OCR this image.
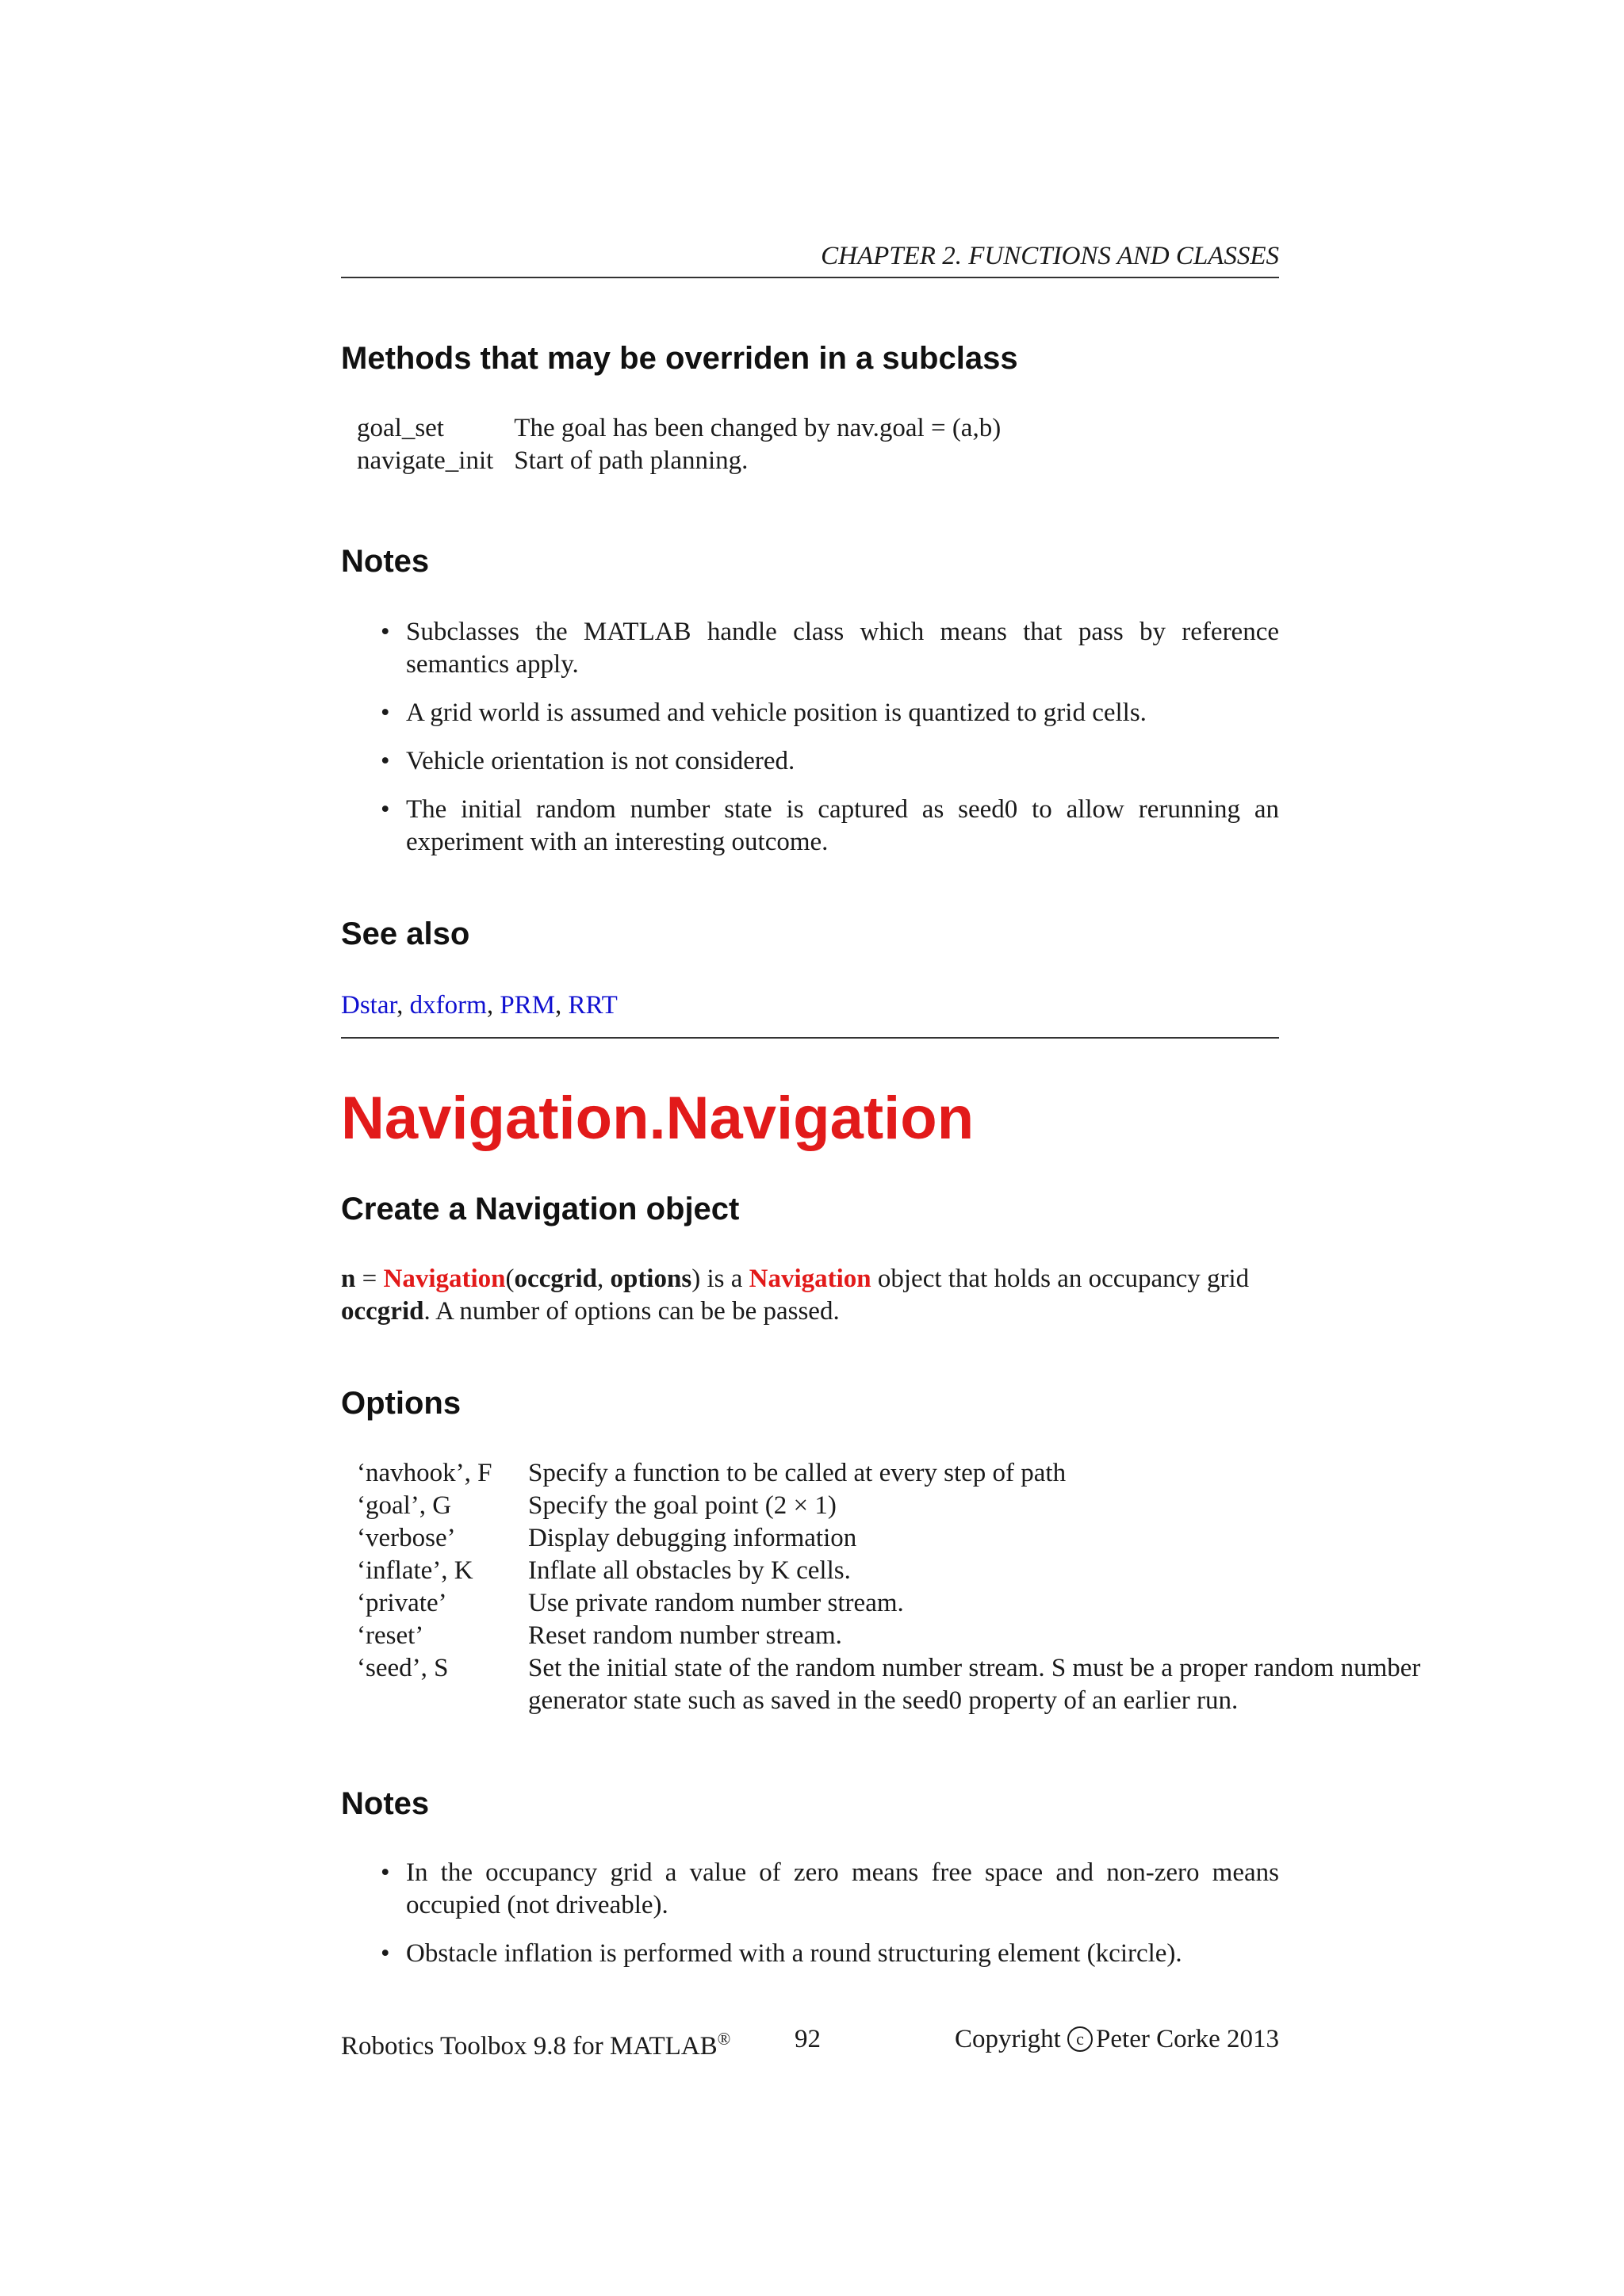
CHAPTER 2. FUNCTIONS AND CLASSES
Methods that may be overriden in a subclass
goal_set	The goal has been changed by nav.goal = (a,b)
navigate_init	Start of path planning.
Notes
• Subclasses the MATLAB handle class which means that pass by reference semantics apply.
• A grid world is assumed and vehicle position is quantized to grid cells.
• Vehicle orientation is not considered.
• The initial random number state is captured as seed0 to allow rerunning an experiment with an interesting outcome.
See also
Dstar, dxform, PRM, RRT
Navigation.Navigation
Create a Navigation object
n = Navigation(occgrid, options) is a Navigation object that holds an occupancy grid occgrid. A number of options can be be passed.
Options
‘navhook’, F	Specify a function to be called at every step of path
‘goal’, G	Specify the goal point (2 × 1)
‘verbose’	Display debugging information
‘inflate’, K	Inflate all obstacles by K cells.
‘private’	Use private random number stream.
‘reset’	Reset random number stream.
‘seed’, S	Set the initial state of the random number stream. S must be a proper random number generator state such as saved in the seed0 property of an earlier run.
Notes
• In the occupancy grid a value of zero means free space and non-zero means occupied (not driveable).
• Obstacle inflation is performed with a round structuring element (kcircle).
Robotics Toolbox 9.8 for MATLAB® 92	Copyright c Peter Corke 2013
